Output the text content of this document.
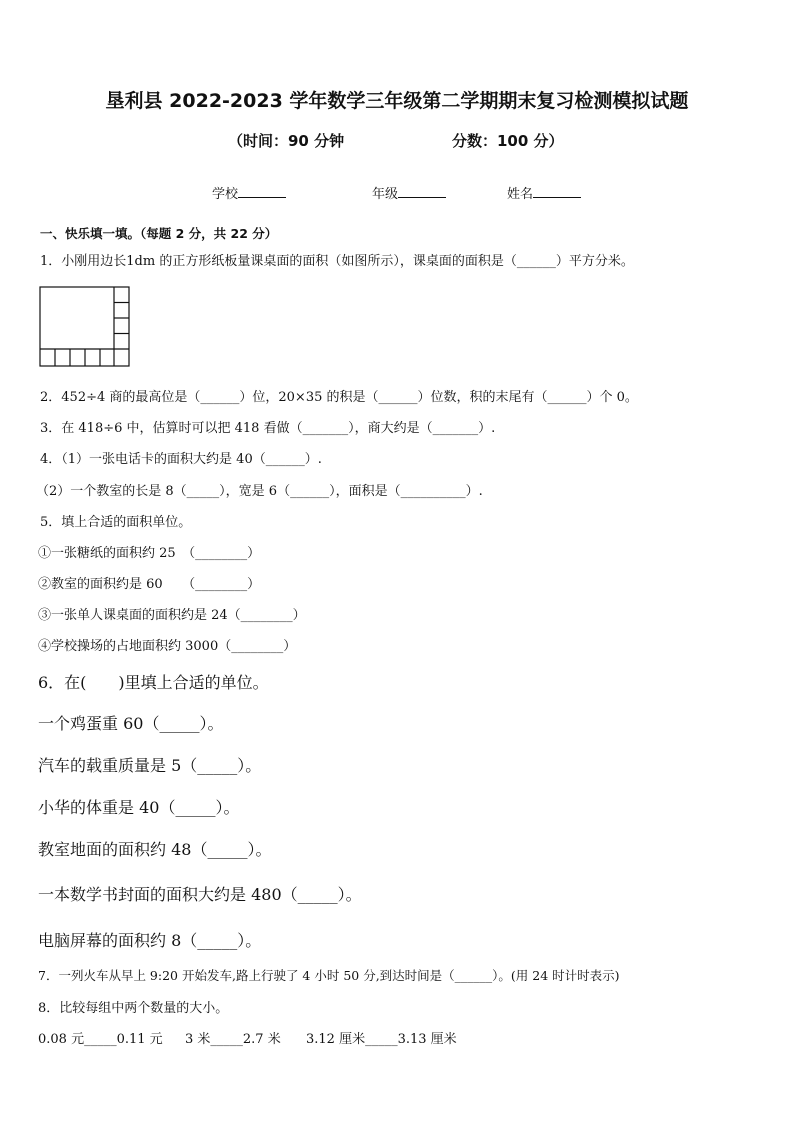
垦利县 2022-2023 学年数学三年级第二学期期末复习检测模拟试题
（时间：90 分钟	分数：100 分）
学校	年级	姓名
一、快乐填一填。（每题 2 分，共 22 分）
1．小刚用边长1dm 的正方形纸板量课桌面的面积（如图所示），课桌面的面积是（______）平方分米。
2．452÷4 商的最高位是（______）位，20×35 的积是（______）位数，积的末尾有（______）个 0。
3．在 418÷6 中，估算时可以把 418 看做（_______），商大约是（_______）.
4．（1）一张电话卡的面积大约是 40（______）.
（2）一个教室的长是 8（_____），宽是 6（______），面积是（__________）.
5．填上合适的面积单位。
①一张糖纸的面积约 25　（________）
②教室的面积约是 60　　（________）
③一张单人课桌面的面积约是 24（________）
④学校操场的占地面积约 3000（________）
6．在(　　)里填上合适的单位。
一个鸡蛋重 60（_____）。
汽车的载重质量是 5（_____）。
小华的体重是 40（_____）。
教室地面的面积约 48（_____）。
一本数学书封面的面积大约是 480（_____）。
电脑屏幕的面积约 8（_____）。
7．一列火车从早上 9:20 开始发车,路上行驶了 4 小时 50 分,到达时间是（______）。(用 24 时计时表示)
8．比较每组中两个数量的大小。
0.08 元_____0.11 元 3 米_____2.7 米 3.12 厘米_____3.13 厘米
